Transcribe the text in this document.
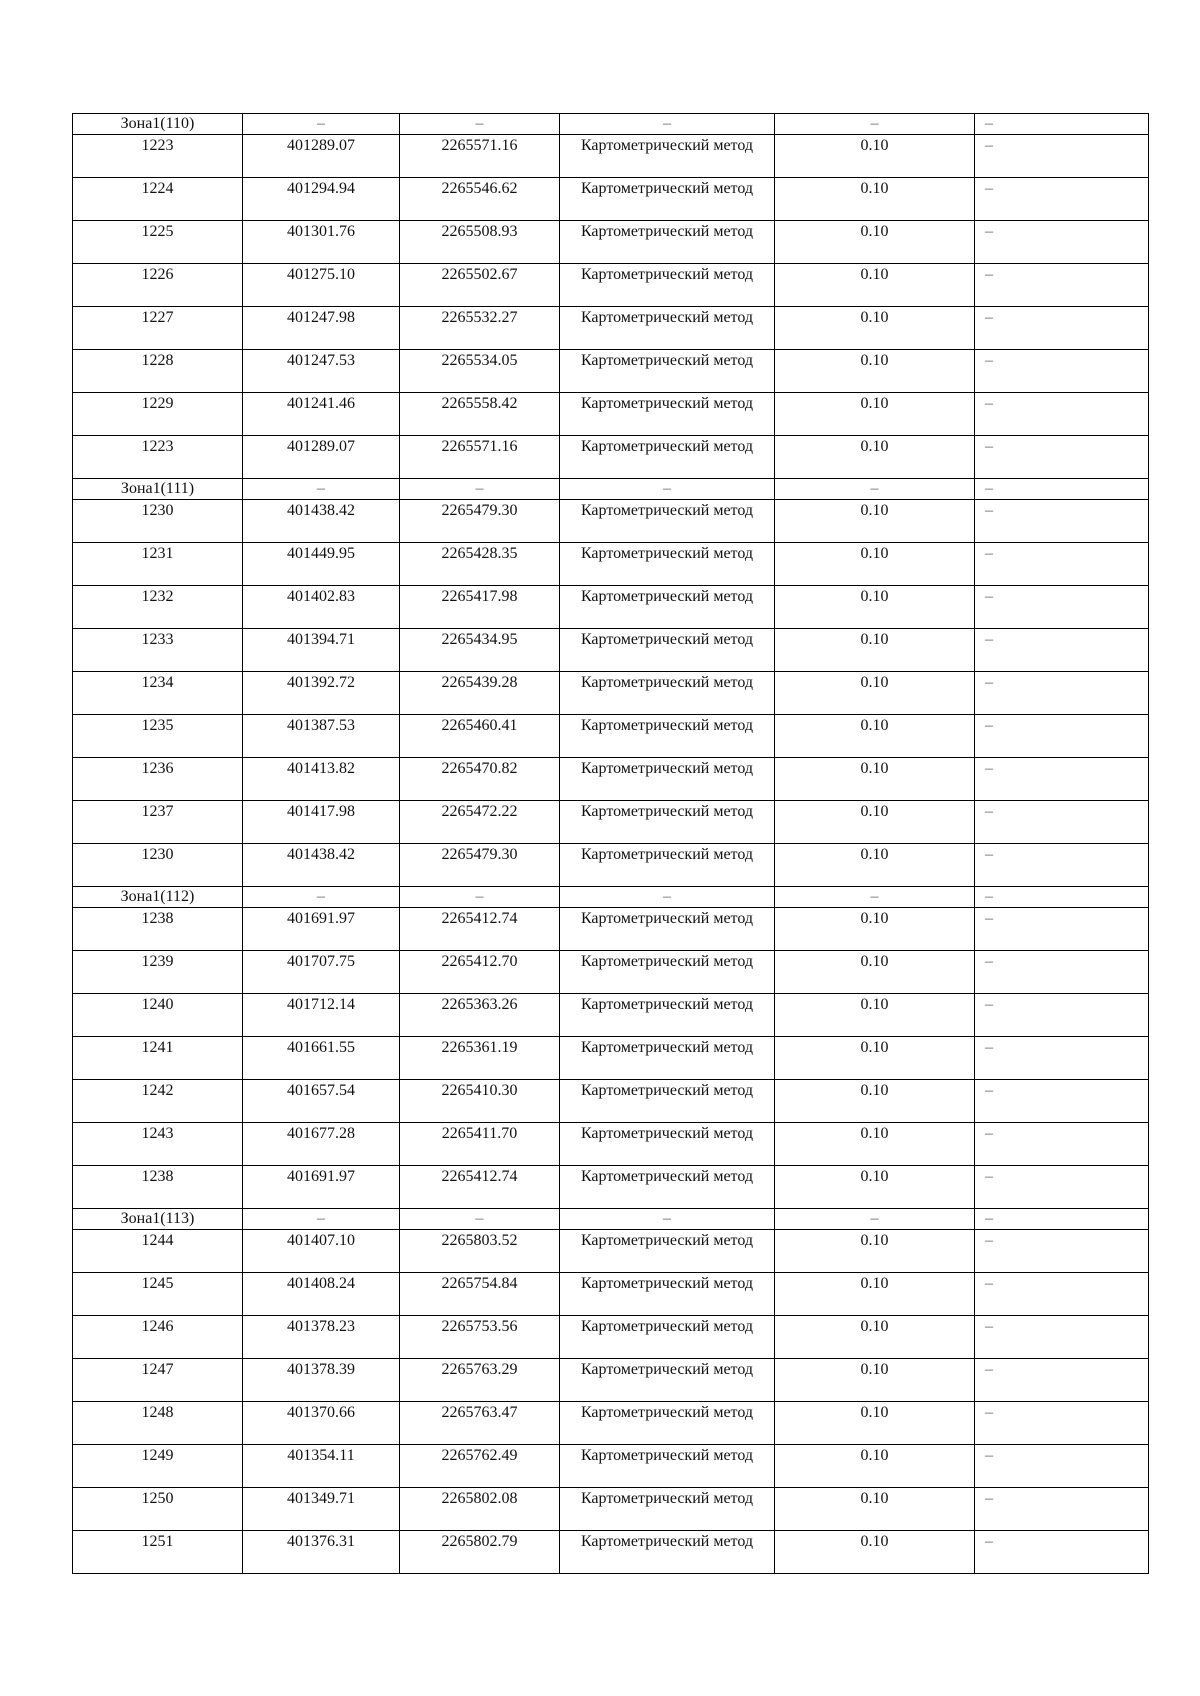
Зона1(110)	–	–	–	–	–
1223	401289.07	2265571.16	Картометрический метод	0.10	–
1224	401294.94	2265546.62	Картометрический метод	0.10	–
1225	401301.76	2265508.93	Картометрический метод	0.10	–
1226	401275.10	2265502.67	Картометрический метод	0.10	–
1227	401247.98	2265532.27	Картометрический метод	0.10	–
1228	401247.53	2265534.05	Картометрический метод	0.10	–
1229	401241.46	2265558.42	Картометрический метод	0.10	–
1223	401289.07	2265571.16	Картометрический метод	0.10	–
Зона1(111)	–	–	–	–	–
1230	401438.42	2265479.30	Картометрический метод	0.10	–
1231	401449.95	2265428.35	Картометрический метод	0.10	–
1232	401402.83	2265417.98	Картометрический метод	0.10	–
1233	401394.71	2265434.95	Картометрический метод	0.10	–
1234	401392.72	2265439.28	Картометрический метод	0.10	–
1235	401387.53	2265460.41	Картометрический метод	0.10	–
1236	401413.82	2265470.82	Картометрический метод	0.10	–
1237	401417.98	2265472.22	Картометрический метод	0.10	–
1230	401438.42	2265479.30	Картометрический метод	0.10	–
Зона1(112)	–	–	–	–	–
1238	401691.97	2265412.74	Картометрический метод	0.10	–
1239	401707.75	2265412.70	Картометрический метод	0.10	–
1240	401712.14	2265363.26	Картометрический метод	0.10	–
1241	401661.55	2265361.19	Картометрический метод	0.10	–
1242	401657.54	2265410.30	Картометрический метод	0.10	–
1243	401677.28	2265411.70	Картометрический метод	0.10	–
1238	401691.97	2265412.74	Картометрический метод	0.10	–
Зона1(113)	–	–	–	–	–
1244	401407.10	2265803.52	Картометрический метод	0.10	–
1245	401408.24	2265754.84	Картометрический метод	0.10	–
1246	401378.23	2265753.56	Картометрический метод	0.10	–
1247	401378.39	2265763.29	Картометрический метод	0.10	–
1248	401370.66	2265763.47	Картометрический метод	0.10	–
1249	401354.11	2265762.49	Картометрический метод	0.10	–
1250	401349.71	2265802.08	Картометрический метод	0.10	–
1251	401376.31	2265802.79	Картометрический метод	0.10	–
